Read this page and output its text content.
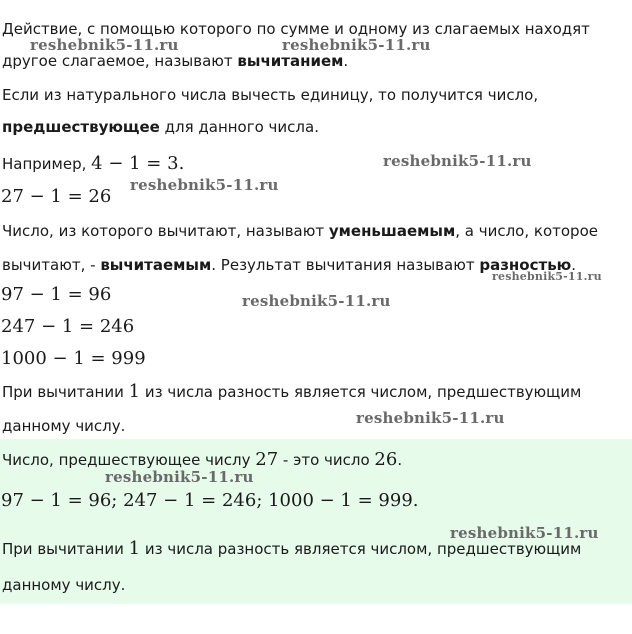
Действие, с помощью которого по сумме и одному из слагаемых находят
другое слагаемое, называют вычитанием.
Если из натурального числа вычесть единицу, то получится число,
предшествующее для данного числа.
Например, 4 − 1 = 3.
27 − 1 = 26
Число, из которого вычитают, называют уменьшаемым, а число, которое
вычитают, - вычитаемым. Результат вычитания называют разностью.
97 − 1 = 96
247 − 1 = 246
1000 − 1 = 999
При вычитании 1 из числа разность является числом, предшествующим
данному числу.
Число, предшествующее числу 27 - это число 26.
97 − 1 = 96; 247 − 1 = 246; 1000 − 1 = 999.
При вычитании 1 из числа разность является числом, предшествующим
данному числу.
reshebnik5-11.ru	reshebnik5-11.ru
reshebnik5-11.ru
reshebnik5-11.ru
reshebnik5-11.ru
reshebnik5-11.ru
reshebnik5-11.ru
reshebnik5-11.ru
reshebnik5-11.ru
